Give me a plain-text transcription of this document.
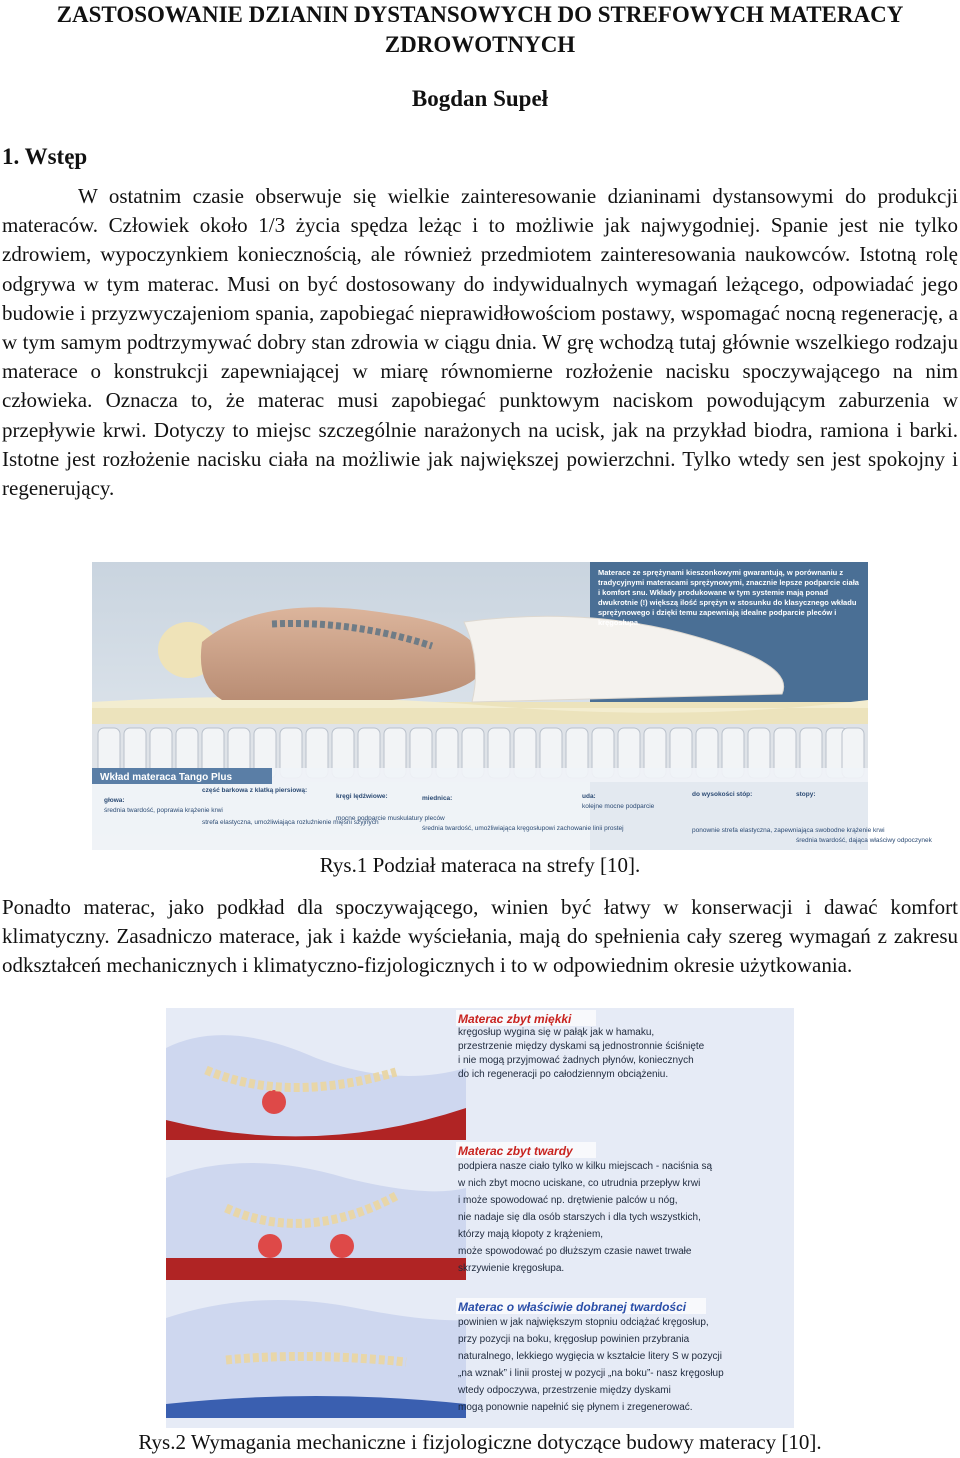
ZASTOSOWANIE DZIANIN DYSTANSOWYCH DO STREFOWYCH MATERACY ZDROWOTNYCH
Bogdan Supeł
1. Wstęp

W ostatnim czasie obserwuje się wielkie zainteresowanie dzianinami dystansowymi do produkcji materaców. Człowiek około 1/3 życia spędza leżąc i to możliwie jak najwygodniej. Spanie jest nie tylko zdrowiem, wypoczynkiem koniecznością, ale również przedmiotem zainteresowania naukowców. Istotną rolę odgrywa w tym materac. Musi on być dostosowany do indywidualnych wymagań leżącego, odpowiadać jego budowie i przyzwyczajeniom spania, zapobiegać nieprawidłowościom postawy, wspomagać nocną regenerację, a w tym samym podtrzymywać dobry stan zdrowia w ciągu dnia. W grę wchodzą tutaj głównie wszelkiego rodzaju materace o konstrukcji zapewniającej w miarę równomierne rozłożenie nacisku spoczywającego na nim człowieka. Oznacza to, że materac musi zapobiegać punktowym naciskom powodującym zaburzenia w przepływie krwi. Dotyczy to miejsc szczególnie narażonych na ucisk, jak na przykład biodra, ramiona i barki. Istotne jest rozłożenie nacisku ciała na możliwie jak największej powierzchni. Tylko wtedy sen jest spokojny i regenerujący.

Wkład materaca Tango Plus
głowa:
średnia twardość, poprawia krążenie krwi
część barkowa z klatką piersiową:
strefa elastyczna, umożliwiająca rozluźnienie mięśni szyjnych
kręgi lędźwiowe:
mocne podparcie muskulatury pleców
miednica:
średnia twardość, umożliwiająca kręgosłupowi zachowanie linii prostej
uda:
kolejne mocne podparcie
do wysokości stóp:
ponownie strefa elastyczna, zapewniająca swobodne krążenie krwi
stopy:
średnia twardość, dająca właściwy odpoczynek
Materace ze sprężynami kieszonkowymi gwarantują, w porównaniu z tradycyjnymi materacami sprężynowymi, znacznie lepsze podparcie ciała i komfort snu. Wkłady produkowane w tym systemie mają ponad dwukrotnie (!) większą ilość sprężyn w stosunku do klasycznego wkładu sprężynowego i dzięki temu zapewniają idealne podparcie pleców i kręgosłupa.

Rys.1 Podział materaca na strefy [10].

Ponadto materac, jako podkład dla spoczywającego, winien być łatwy w konserwacji i dawać komfort klimatyczny. Zasadniczo materace, jak i każde wyściełania, mają do spełnienia cały szereg wymagań z zakresu odkształceń mechanicznych i klimatyczno-fizjologicznych i to w odpowiednim okresie użytkowania.

Materac zbyt miękki
kręgosłup wygina się w pałąk jak w hamaku,
przestrzenie między dyskami są jednostronnie ściśnięte
i nie mogą przyjmować żadnych płynów, koniecznych
do ich regeneracji po całodziennym obciążeniu.
Materac zbyt twardy
podpiera nasze ciało tylko w kilku miejscach - naciśnia są
w nich zbyt mocno uciskane, co utrudnia przepływ krwi
i może spowodować np. drętwienie palców u nóg,
nie nadaje się dla osób starszych i dla tych wszystkich,
którzy mają kłopoty z krążeniem,
może spowodować po dłuższym czasie nawet trwałe
skrzywienie kręgosłupa.
Materac o właściwie dobranej twardości
powinien w jak największym stopniu odciążać kręgosłup,
przy pozycji na boku, kręgosłup powinien przybrania
naturalnego, lekkiego wygięcia w kształcie litery S w pozycji
„na wznak” i linii prostej w pozycji „na boku”- nasz kręgosłup
wtedy odpoczywa, przestrzenie między dyskami
mogą ponownie napełnić się płynem i zregenerować.

Rys.2 Wymagania mechaniczne i fizjologiczne dotyczące budowy materacy [10].
